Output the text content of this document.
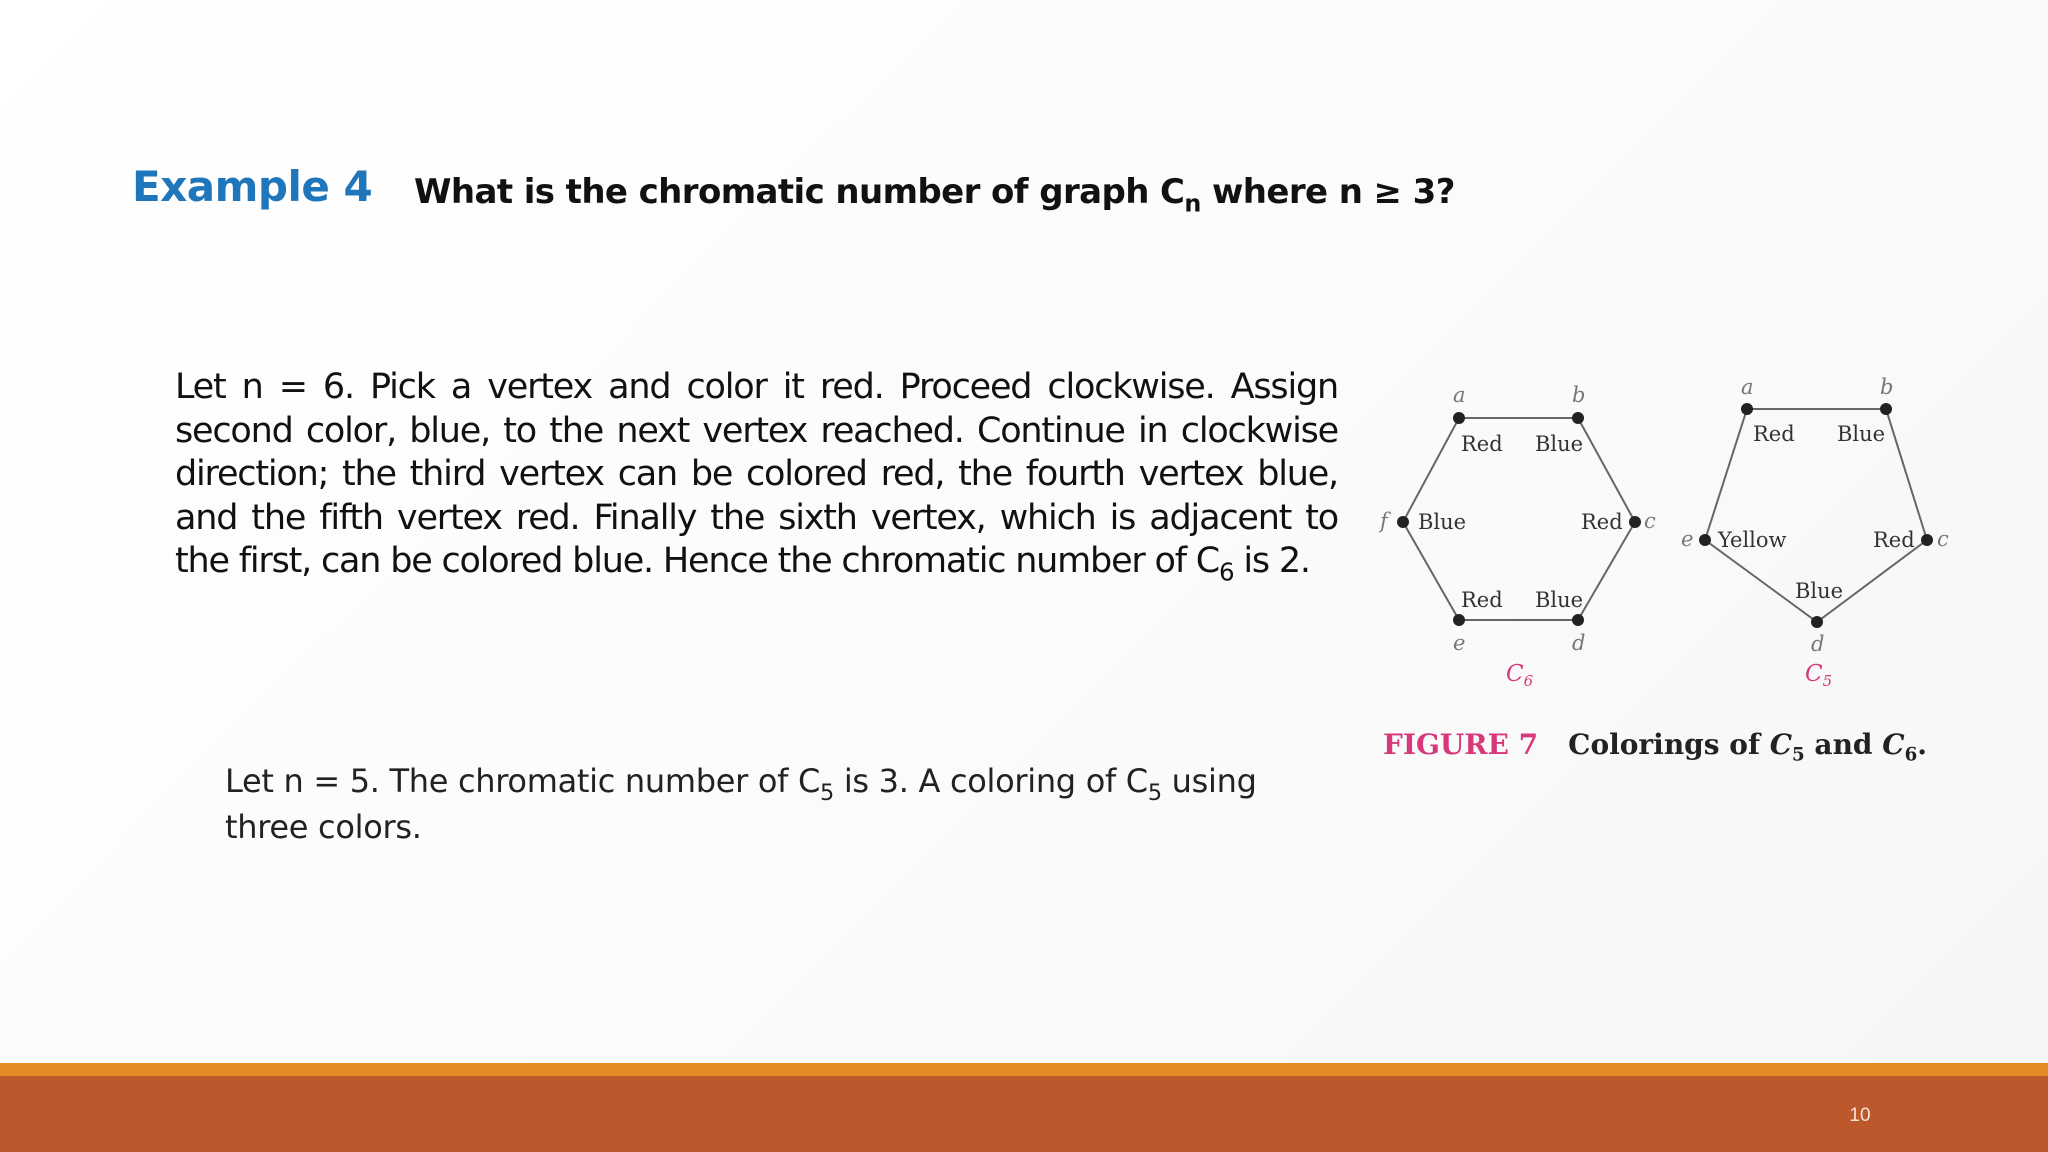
Example 4 What is the chromatic number of graph $C_n$ where n ≥ 3?
Let n = 6. Pick a vertex and color it red. Proceed clockwise. Assign second color, blue, to the next vertex reached. Continue in clockwise direction; the third vertex can be colored red, the fourth vertex blue, and the fifth vertex red. Finally the sixth vertex, which is adjacent to the first, can be colored blue. Hence the chromatic number of $C_6$ is 2.
Let n = 5. The chromatic number of $C_5$ is 3. A coloring of $C_5$ using three colors.
a	b
c
d
e
f
Red Blue
Red
Blue
Red
Blue
$C_6$
a	b
c
d
e
Red Blue
Red
Blue
Yellow
$C_5$
FIGURE 7 Colorings of $C_5$ and $C_6$.
10
